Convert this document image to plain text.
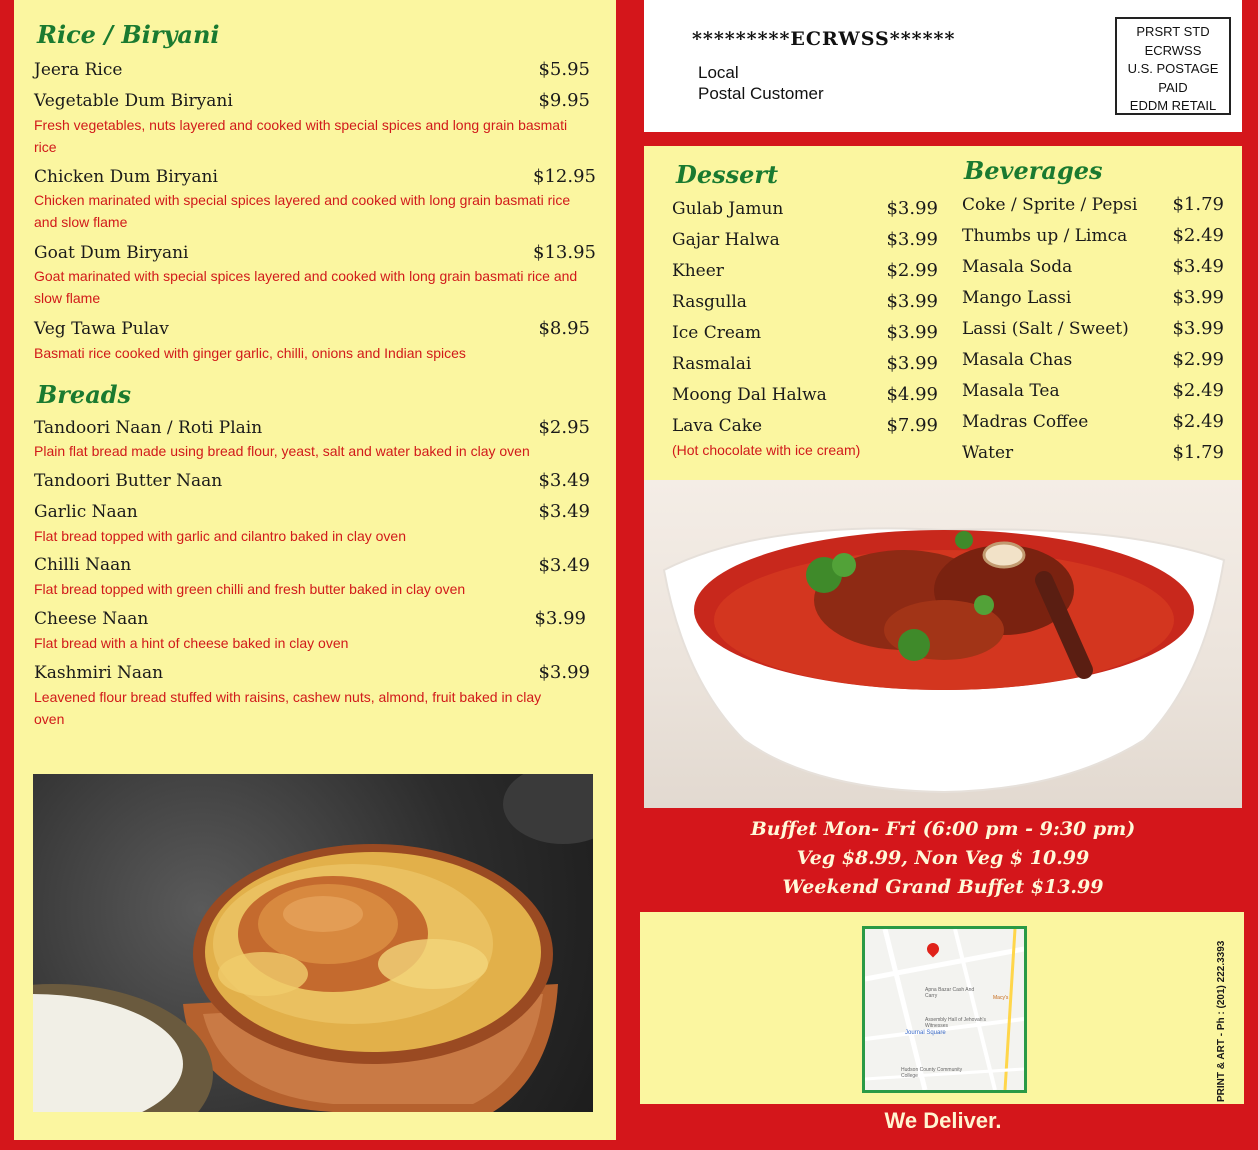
Rice / Biryani
Jeera Rice	$5.95
Vegetable Dum Biryani	$9.95
Fresh vegetables, nuts layered and cooked with special spices and long grain basmati rice
Chicken Dum Biryani	$12.95
Chicken marinated with special spices layered and cooked with long grain basmati rice and slow flame
Goat Dum Biryani	$13.95
Goat marinated with special spices layered and cooked with long grain basmati rice and slow flame
Veg Tawa Pulav	$8.95
Basmati rice cooked with ginger garlic, chilli, onions and Indian spices
Breads
Tandoori Naan / Roti Plain	$2.95
Plain flat bread made using bread flour, yeast, salt and water baked in clay oven
Tandoori Butter Naan	$3.49
Garlic Naan	$3.49
Flat bread topped with garlic and cilantro baked in clay oven
Chilli Naan	$3.49
Flat bread topped with green chilli and fresh butter baked in clay oven
Cheese Naan	$3.99
Flat bread with a hint of cheese baked in clay oven
Kashmiri Naan	$3.99
Leavened flour bread stuffed with raisins, cashew nuts, almond, fruit baked in clay oven
*********ECRWSS******
Local
Postal Customer
PRSRT STD
ECRWSS
U.S. POSTAGE
PAID
EDDM RETAIL
Dessert
Gulab Jamun	$3.99
Gajar Halwa	$3.99
Kheer	$2.99
Rasgulla	$3.99
Ice Cream	$3.99
Rasmalai	$3.99
Moong Dal Halwa	$4.99
Lava Cake	$7.99
(Hot chocolate with ice cream)
Beverages
Coke / Sprite / Pepsi $1.79
Thumbs up / Limca	$2.49
Masala Soda	$3.49
Mango Lassi	$3.99
Lassi (Salt / Sweet) $3.99
Masala Chas	$2.99
Masala Tea	$2.49
Madras Coffee	$2.49
Water	$1.79
Buffet Mon- Fri (6:00 pm - 9:30 pm)
Veg $8.99, Non Veg $ 10.99
Weekend Grand Buffet $13.99
Apna Bazar Cash And Carry
Assembly Hall of Jehovah's Witnesses
Journal Square
Hudson County Community College
Macy's
We Deliver.
PRINT & ART - Ph : (201) 222.3393
